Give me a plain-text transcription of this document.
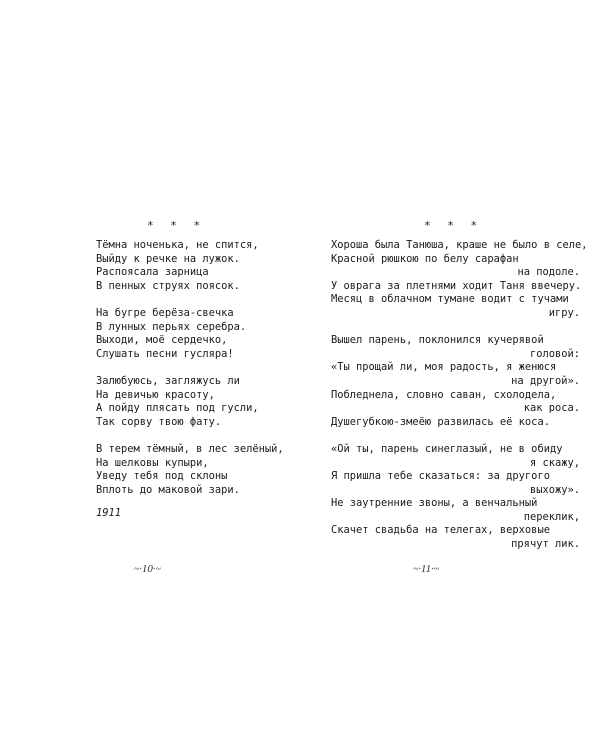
* * *
Тёмна ноченька, не спится,
Выйду к речке на лужок.
Распоясала зарница
В пенных струях поясок.
На бугре берёза-свечка
В лунных перьях серебра.
Выходи, моё сердечко,
Слушать песни гусляра!
Залюбуюсь, загляжусь ли
На девичью красоту,
А пойду плясать под гусли,
Так сорву твою фату.
В терем тёмный, в лес зелёный,
На шелковы купыри,
Уведу тебя под склоны
Вплоть до маковой зари.
1911
~·10·~
* * *
Хороша была Танюша, краше не было в селе,
Красной рюшкою по белу сарафан
на подоле.
У оврага за плетнями ходит Таня ввечеру.
Месяц в облачном тумане водит с тучами
игру.
Вышел парень, поклонился кучерявой
головой:
«Ты прощай ли, моя радость, я женюся
на другой».
Побледнела, словно саван, схолодела,
как роса.
Душегубкою-змеёю развилась её коса.
«Ой ты, парень синеглазый, не в обиду
я скажу,
Я пришла тебе сказаться: за другого
выхожу».
Не заутренние звоны, а венчальный
переклик,
Скачет свадьба на телегах, верховые
прячут лик.
~·11·~
